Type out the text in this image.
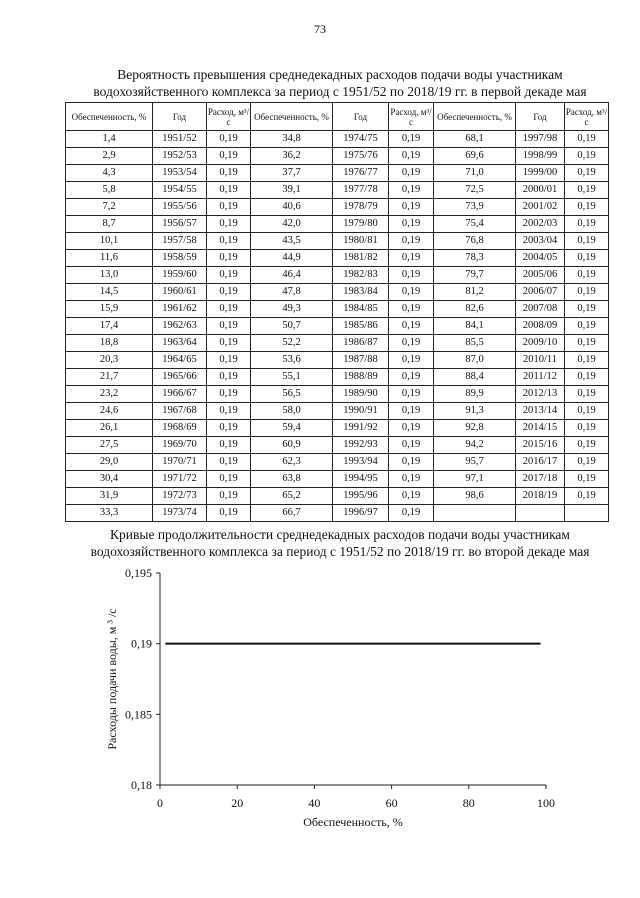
73
Вероятность превышения среднедекадных расходов подачи воды участникам
водохозяйственного комплекса за период с 1951/52 по 2018/19 гг. в первой декаде мая
Обеспеченность, %	Год	Расход, м³/с	Обеспеченность, %	Год	Расход, м³/с	Обеспеченность, %	Год	Расход, м³/с
1,4	1951/52	0,19	34,8	1974/75	0,19	68,1	1997/98	0,19
2,9	1952/53	0,19	36,2	1975/76	0,19	69,6	1998/99	0,19
4,3	1953/54	0,19	37,7	1976/77	0,19	71,0	1999/00	0,19
5,8	1954/55	0,19	39,1	1977/78	0,19	72,5	2000/01	0,19
7,2	1955/56	0,19	40,6	1978/79	0,19	73,9	2001/02	0,19
8,7	1956/57	0,19	42,0	1979/80	0,19	75,4	2002/03	0,19
10,1	1957/58	0,19	43,5	1980/81	0,19	76,8	2003/04	0,19
11,6	1958/59	0,19	44,9	1981/82	0,19	78,3	2004/05	0,19
13,0	1959/60	0,19	46,4	1982/83	0,19	79,7	2005/06	0,19
14,5	1960/61	0,19	47,8	1983/84	0,19	81,2	2006/07	0,19
15,9	1961/62	0,19	49,3	1984/85	0,19	82,6	2007/08	0,19
17,4	1962/63	0,19	50,7	1985/86	0,19	84,1	2008/09	0,19
18,8	1963/64	0,19	52,2	1986/87	0,19	85,5	2009/10	0,19
20,3	1964/65	0,19	53,6	1987/88	0,19	87,0	2010/11	0,19
21,7	1965/66	0,19	55,1	1988/89	0,19	88,4	2011/12	0,19
23,2	1966/67	0,19	56,5	1989/90	0,19	89,9	2012/13	0,19
24,6	1967/68	0,19	58,0	1990/91	0,19	91,3	2013/14	0,19
26,1	1968/69	0,19	59,4	1991/92	0,19	92,8	2014/15	0,19
27,5	1969/70	0,19	60,9	1992/93	0,19	94,2	2015/16	0,19
29,0	1970/71	0,19	62,3	1993/94	0,19	95,7	2016/17	0,19
30,4	1971/72	0,19	63,8	1994/95	0,19	97,1	2017/18	0,19
31,9	1972/73	0,19	65,2	1995/96	0,19	98,6	2018/19	0,19
33,3	1973/74	0,19	66,7	1996/97	0,19			
Кривые продолжительности среднедекадных расходов подачи воды участникам
водохозяйственного комплекса за период с 1951/52 по 2018/19 гг. во второй декаде мая
0,18
0,185
0,19
0,195
0	20	40	60	80	100
Обеспеченность, %
Расходы подачи воды, м ³ /с
